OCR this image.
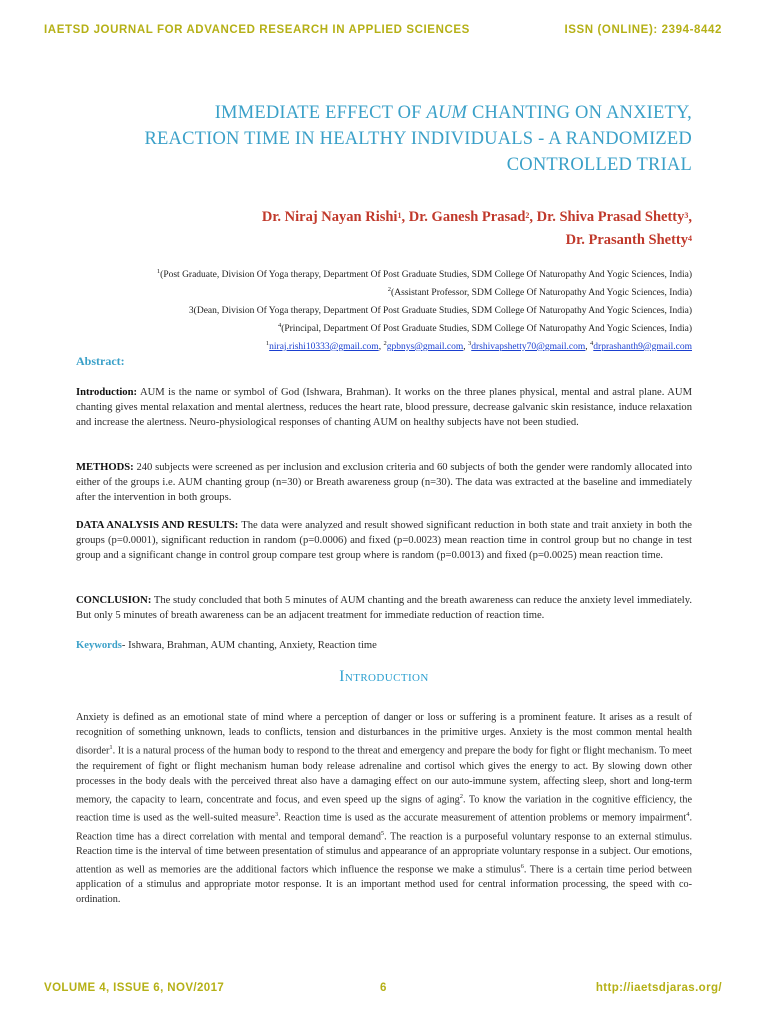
IAETSD JOURNAL FOR ADVANCED RESEARCH IN APPLIED SCIENCES	ISSN (ONLINE): 2394-8442
IMMEDIATE EFFECT OF AUM CHANTING ON ANXIETY,
REACTION TIME IN HEALTHY INDIVIDUALS - A RANDOMIZED
CONTROLLED TRIAL
Dr. Niraj Nayan Rishi$^1$, Dr. Ganesh Prasad$^2$, Dr. Shiva Prasad Shetty$^3$,
Dr. Prasanth Shetty$^4$
$^1$(Post Graduate, Division Of Yoga therapy, Department Of Post Graduate Studies, SDM College Of Naturopathy And Yogic Sciences, India)
$^2$(Assistant Professor, SDM College Of Naturopathy And Yogic Sciences, India)
3(Dean, Division Of Yoga therapy, Department Of Post Graduate Studies, SDM College Of Naturopathy And Yogic Sciences, India)
$^4$(Principal, Department Of Post Graduate Studies, SDM College Of Naturopathy And Yogic Sciences, India)
$^1$niraj.rishi10333@gmail.com, $^2$gpbnys@gmail.com, $^3$drshivapshetty70@gmail.com, $^4$drprashanth9@gmail.com
Abstract:
Introduction: AUM is the name or symbol of God (Ishwara, Brahman). It works on the three planes physical, mental and astral plane. AUM chanting gives mental relaxation and mental alertness, reduces the heart rate, blood pressure, decrease galvanic skin resistance, induce relaxation and increase the alertness. Neuro-physiological responses of chanting AUM on healthy subjects have not been studied.
METHODS: 240 subjects were screened as per inclusion and exclusion criteria and 60 subjects of both the gender were randomly allocated into either of the groups i.e. AUM chanting group (n=30) or Breath awareness group (n=30). The data was extracted at the baseline and immediately after the intervention in both groups.
DATA ANALYSIS AND RESULTS: The data were analyzed and result showed significant reduction in both state and trait anxiety in both the groups (p=0.0001), significant reduction in random (p=0.0006) and fixed (p=0.0023) mean reaction time in control group but no change in test group and a significant change in control group compare test group where is random (p=0.0013) and fixed (p=0.0025) mean reaction time.
CONCLUSION: The study concluded that both 5 minutes of AUM chanting and the breath awareness can reduce the anxiety level immediately. But only 5 minutes of breath awareness can be an adjacent treatment for immediate reduction of reaction time.
Keywords- Ishwara, Brahman, AUM chanting, Anxiety, Reaction time
Introduction
Anxiety is defined as an emotional state of mind where a perception of danger or loss or suffering is a prominent feature. It arises as a result of recognition of something unknown, leads to conflicts, tension and disturbances in the primitive urges. Anxiety is the most common mental health disorder$^1$. It is a natural process of the human body to respond to the threat and emergency and prepare the body for fight or flight mechanism. To meet the requirement of fight or flight mechanism human body release adrenaline and cortisol which gives the energy to act. By slowing down other processes in the body deals with the perceived threat also have a damaging effect on our auto-immune system, affecting sleep, short and long-term memory, the capacity to learn, concentrate and focus, and even speed up the signs of aging$^2$. To know the variation in the cognitive efficiency, the reaction time is used as the well-suited measure$^3$. Reaction time is used as the accurate measurement of attention problems or memory impairment$^4$. Reaction time has a direct correlation with mental and temporal demand$^5$. The reaction is a purposeful voluntary response to an external stimulus. Reaction time is the interval of time between presentation of stimulus and appearance of an appropriate voluntary response in a subject. Our emotions, attention as well as memories are the additional factors which influence the response we make a stimulus$^6$. There is a certain time period between application of a stimulus and appropriate motor response. It is an important method used for central information processing, the speed with co-ordination.
VOLUME 4, ISSUE 6, NOV/2017	6	http://iaetsdjaras.org/
